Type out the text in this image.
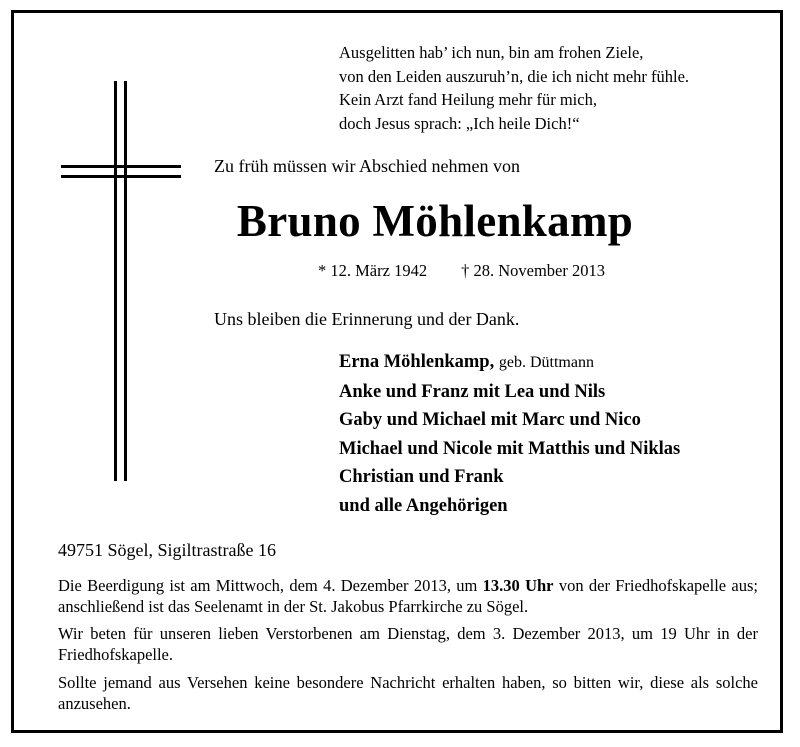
Ausgelitten hab’ ich nun, bin am frohen Ziele,
von den Leiden auszuruh’n, die ich nicht mehr fühle.
Kein Arzt fand Heilung mehr für mich,
doch Jesus sprach: „Ich heile Dich!“
Zu früh müssen wir Abschied nehmen von
Bruno Möhlenkamp
* 12. März 1942 † 28. November 2013
Uns bleiben die Erinnerung und der Dank.
Erna Möhlenkamp, geb. Düttmann
Anke und Franz mit Lea und Nils
Gaby und Michael mit Marc und Nico
Michael und Nicole mit Matthis und Niklas
Christian und Frank
und alle Angehörigen
49751 Sögel, Sigiltrastraße 16
Die Beerdigung ist am Mittwoch, dem 4. Dezember 2013, um 13.30 Uhr von der Friedhofskapelle aus; anschließend ist das Seelenamt in der St. Jakobus Pfarrkirche zu Sögel.
Wir beten für unseren lieben Verstorbenen am Dienstag, dem 3. Dezember 2013, um 19 Uhr in der Friedhofskapelle.
Sollte jemand aus Versehen keine besondere Nachricht erhalten haben, so bitten wir, diese als solche anzusehen.
